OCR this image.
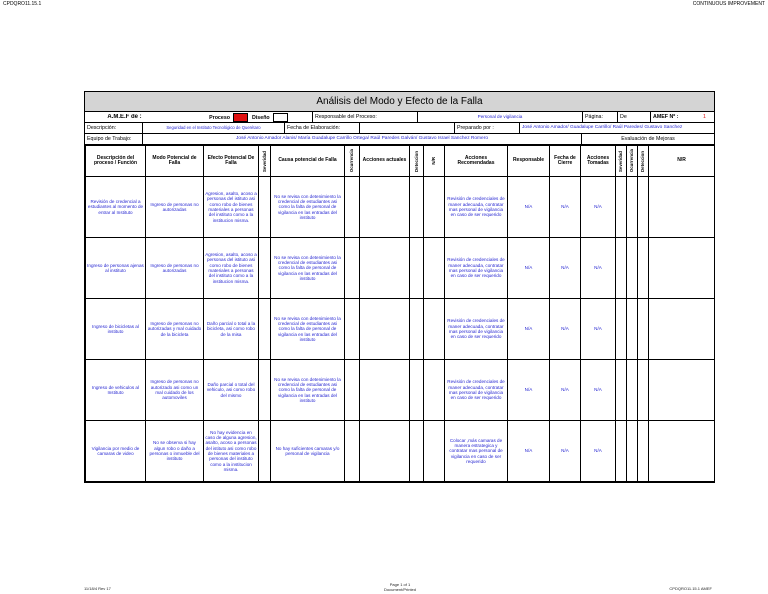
CPDQRO11.15.1	CONTINUOUS IMPROVEMENT
Análisis del Modo y Efecto de la Falla
A.M.E.F de :	Proceso	Diseño	Responsable del Proceso:	Personal de vigilancia	Página:	De	AMEF Nº :	1
Descripción:	Seguridad en el Instituto Tecnológico de Querétaro	Fecha de Elaboración:	Preparado por :	José Antonio Amador/ Guadalupe Carrillo/ Raúl Paredes/ Gustavo Sanchez
Equipo de Trabajo:	José Antonio Amador Alanis/ María Guadalupe Carrillo Ortega/ Raúl Paredes Galván/ Gustavo Israel Sanchez Romero	Evaluación de Mejoras
Descripción del proceso / Función	Modo Potencial de Falla	Efecto Potencial De Falla	Severidad	Causa potencial de Falla	Ocurrencia	Acciones actuales	Deteccion	N/R	Acciones Recomendadas	Responsable	Fecha de Cierre	Acciones Tomadas	Severidad	Ocurrencia	Deteccion	N/R
Revisión de credencial a estudiantes al momento de entrar al Instituto	Ingreso de personas no autorizadas	Agresion, asalto, acoso a personas del istituto asi como robo de bienes materiales a personas del instituto como a la institucion misma.		No se revisa con detenimiento la credencial de estudiantes asi como la falta de personal de vigilancia en las entradas del instituto					Revisión de credenciales de maner adecuada, contratar mas personal de vigilancia en caso de ser requerido	N/A	N/A	N/A				
Ingreso de personas ajenas al instituto	Ingreso de personas no autorizadas	Agresion, asalto, acoso a personas del istituto asi como robo de bienes materiales a personas del instituto como a la institucion misma.		No se revisa con detenimiento la credencial de estudiantes asi como la falta de personal de vigilancia en las entradas del instituto					Revisión de credenciales de maner adecuada, contratar mas personal de vigilancia en caso de ser requerido	N/A	N/A	N/A				
Ingreso de bicicletas al instituto	Ingreso de personas no autorizadas y mal cuidado de la bicicleta	Daño parcial o total a la bicicleta, asi como robo de la misa		No se revisa con detenimiento la credencial de estudiantes asi como la falta de personal de vigilancia en las entradas del instituto					Revisión de credenciales de maner adecuada, contratar mas personal de vigilancia en caso de ser requerido	N/A	N/A	N/A				
Ingreso de vehiculos al Instituto	Ingreso de personas no autorizado asi como un mal cuidado de los automoviles	Daño parcial o total del vehiculo, asi como robo del mismo		No se revisa con detenimiento la credencial de estudiantes asi como la falta de personal de vigilancia en las entradas del instituto					Revisión de credenciales de maner adecuada, contratar mas personal de vigilancia en caso de ser requerido	N/A	N/A	N/A				
Vigilancia por medio de camaras de video	No se observa si hay algun robo o daño a personas o inmueble del instituto	No hay evidencia en caso de alguna agresion, asalto, acoso a personas del istituto asi como robo de bienes materiales a personas del instituto como a la institucion misma.		No hay suficientes camaras y/o personal de vigilancia					Colocar ,más camaras de manera estrategica y contratar mas personal de vigilancia en caso de ser requerido	N/A	N/A	N/A				
11/18/4 Rev 17
Page 1 of 1
Document/Printed	CPDQRO11.15.1 AMEF
